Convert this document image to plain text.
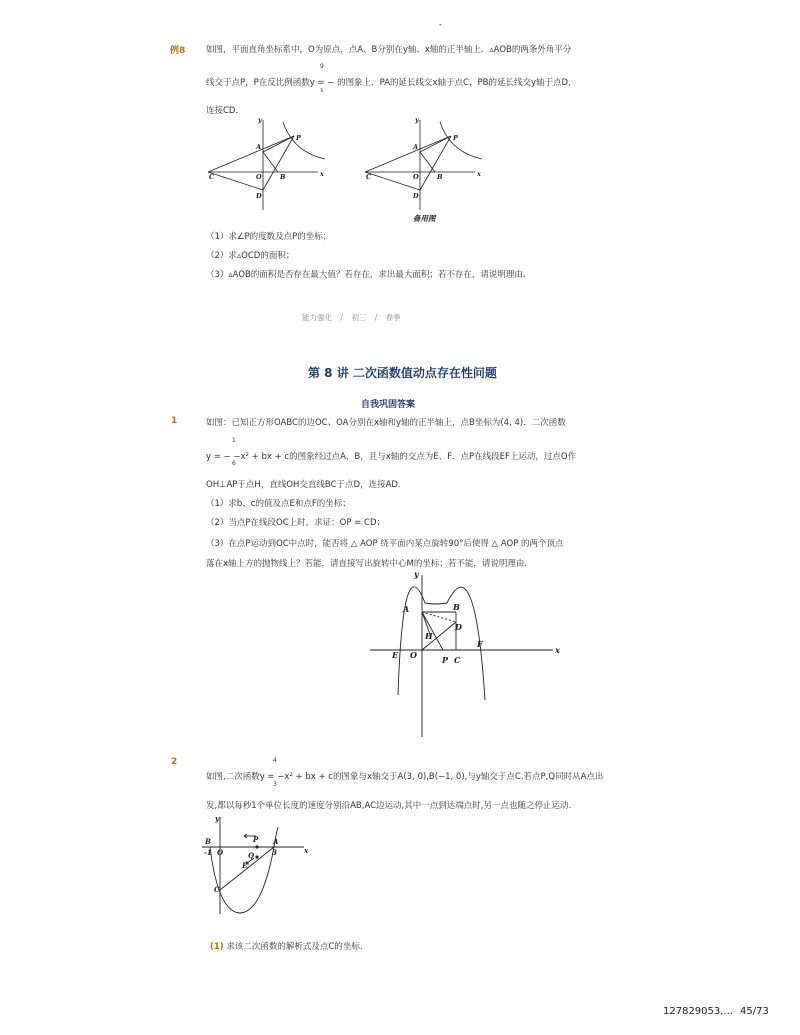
-
例8 如图，平面直角坐标系中，O为原点，点A、B分别在y轴、x轴的正半轴上．▵AOB的两条外角平分
9
线交于点P，P在反比例函数y = − 的图象上．PA的延长线交x轴于点C，PB的延长线交y轴于点D，
x
连接CD．
y
x
A
P
C	O	B
D
y
x
A
P
C	O	B
D
备用图
（1）求∠P的度数及点P的坐标；
（2）求▵OCD的面积；
（3）▵AOB的面积是否存在最大值？若存在，求出最大面积；若不存在，请说明理由．
能力强化 / 初三 / 春季
第 8 讲 二次函数值动点存在性问题
自我巩固答案
1	如图：已知正方形OABC的边OC、OA分别在x轴和y轴的正半轴上，点B坐标为(4, 4)．二次函数
1
y = − −x² + bx + c的图象经过点A，B，且与x轴的交点为E、F．点P在线段EF上运动，过点O作
6
OH⊥AP于点H，直线OH交直线BC于点D，连接AD．
（1）求b、c的值及点E和点F的坐标；
（2）当点P在线段OC上时，求证：OP = CD；
（3）在点P运动到OC中点时，能否将 △ AOP 绕平面内某点旋转90°后使得 △ AOP 的两个顶点
落在x轴上方的抛物线上？若能，请直接写出旋转中心M的坐标；若不能，请说明理由．
y
x
A	B
D
H
F
E O	P C
2	4
如图,二次函数y = −x² + bx + c的图象与x轴交于A(3, 0),B(−1, 0),与y轴交于点C.若点P,Q同时从A点出
3
发,都以每秒1个单位长度的速度分别沿AB,AC边运动,其中一点到达端点时,另一点也随之停止运动.
y
x
B
-1 O
P A
3
Q
E
C
(1) 求该二次函数的解析式及点C的坐标.
127829053,... 45/73
